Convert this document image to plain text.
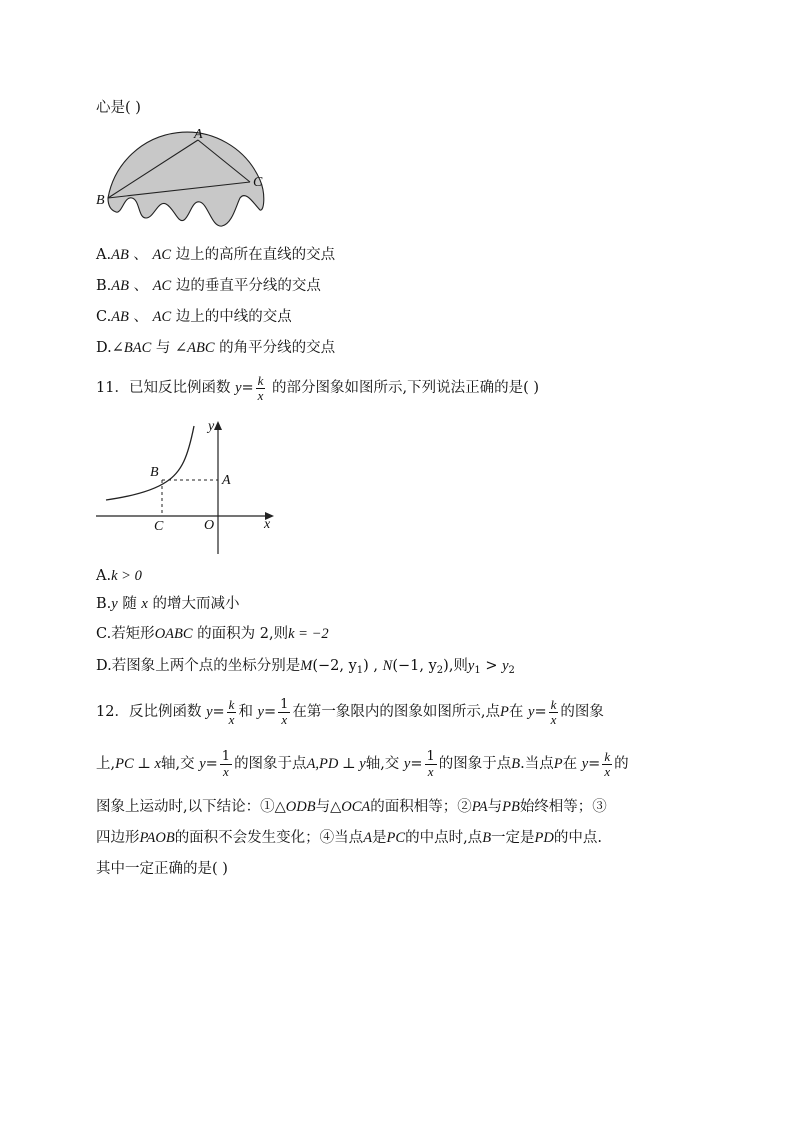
心是( )
A
B
C
A.AB 、 AC 边上的高所在直线的交点
B.AB 、 AC 边的垂直平分线的交点
C.AB 、 AC 边上的中线的交点
D.∠BAC 与 ∠ABC 的角平分线的交点
11．已知反比例函数 $y= \frac{k}{x}$ 的部分图象如图所示,下列说法正确的是( )
y
x
O
A
B
C
A.k > 0
B.y 随 x 的增大而减小
C.若矩形OABC 的面积为 2,则k = −2
D.若图象上两个点的坐标分别是M(−2, $y_1$) , N(−1, $y_2$),则$y_1 > y_2$
12．反比例函数 $y= \frac{k}{x}$ 和 $y= \frac{1}{x}$ 在第一象限内的图象如图所示,点P在 $y= \frac{k}{x}$ 的图象
上,PC ⊥ x轴,交 $y= \frac{1}{x}$ 的图象于点A,PD ⊥ y轴,交 $y= \frac{1}{x}$ 的图象于点B.当点P在 $y= \frac{k}{x}$ 的
图象上运动时,以下结论：①△ODB与△OCA的面积相等；②PA与PB始终相等；③
四边形PAOB的面积不会发生变化；④当点A是PC的中点时,点B一定是PD的中点.
其中一定正确的是( )
